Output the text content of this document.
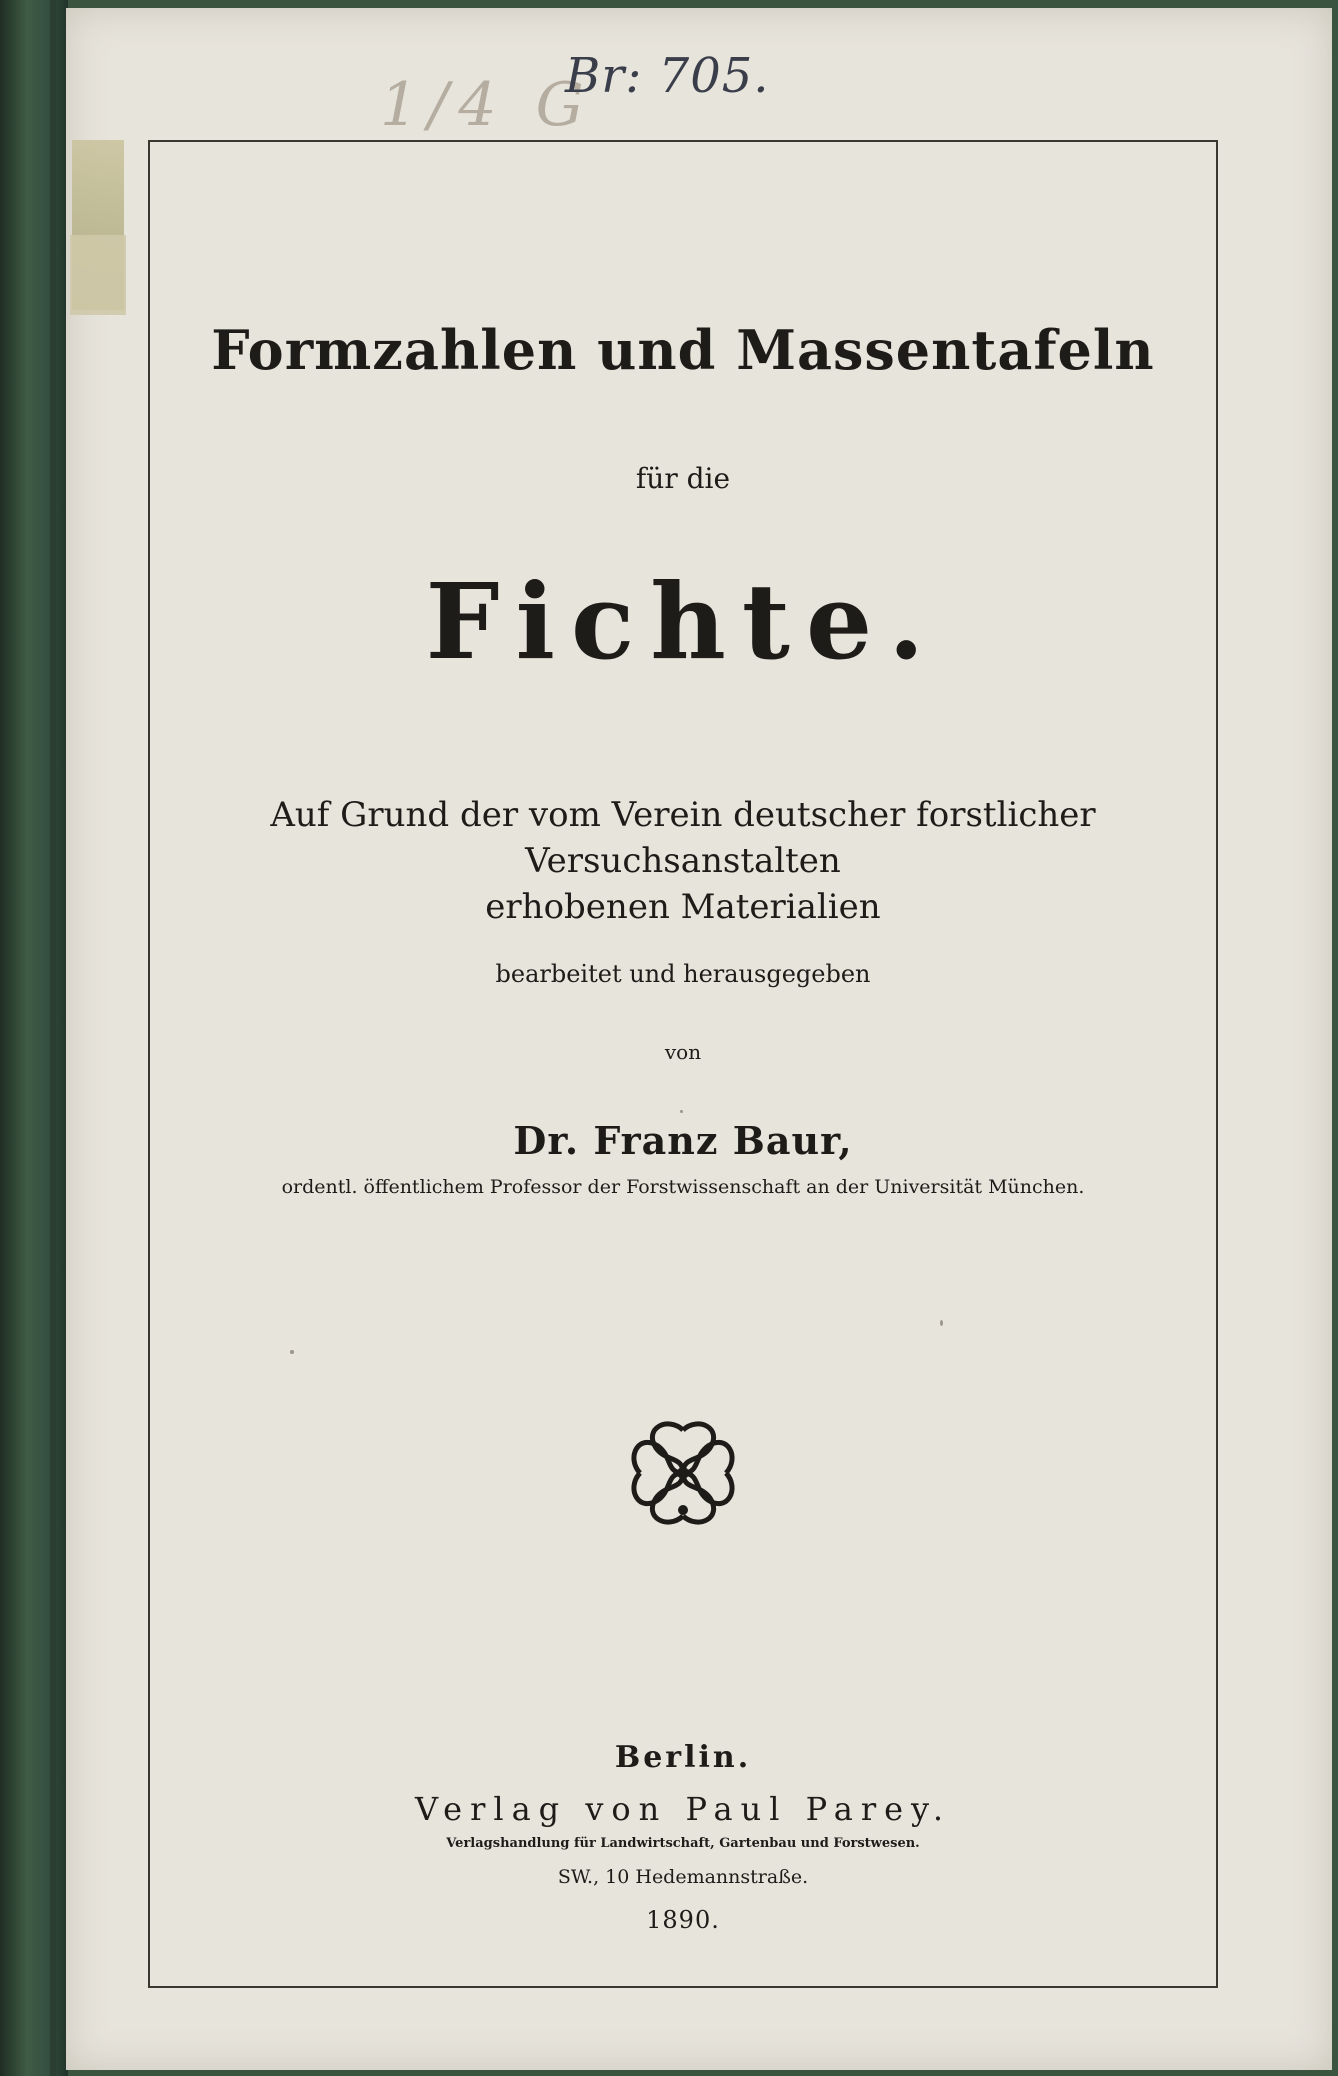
1/4 G
Br: 705.
Formzahlen und Massentafeln
für die
Fichte.
Auf Grund der vom Verein deutscher forstlicher Versuchsanstalten
erhobenen Materialien
bearbeitet und herausgegeben
von
Dr. Franz Baur,
ordentl. öffentlichem Professor der Forstwissenschaft an der Universität München.
Berlin.
Verlag von Paul Parey.
Verlagshandlung für Landwirtschaft, Gartenbau und Forstwesen.
SW., 10 Hedemannstraße.
1890.
